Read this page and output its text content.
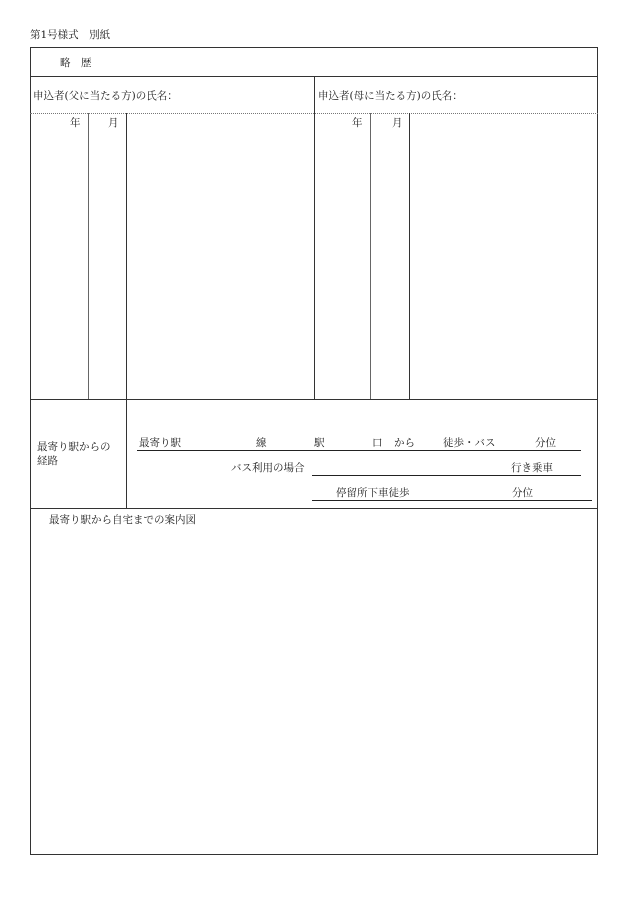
第1号様式　別紙
略　歴
申込者(父に当たる方)の氏名：	申込者(母に当たる方)の氏名：
年	月	年	月
最寄り駅からの
経路
最寄り駅	線	駅	口 から	徒歩・バス	分位
バス利用の場合	行き乗車
停留所下車徒歩	分位
最寄り駅から自宅までの案内図
